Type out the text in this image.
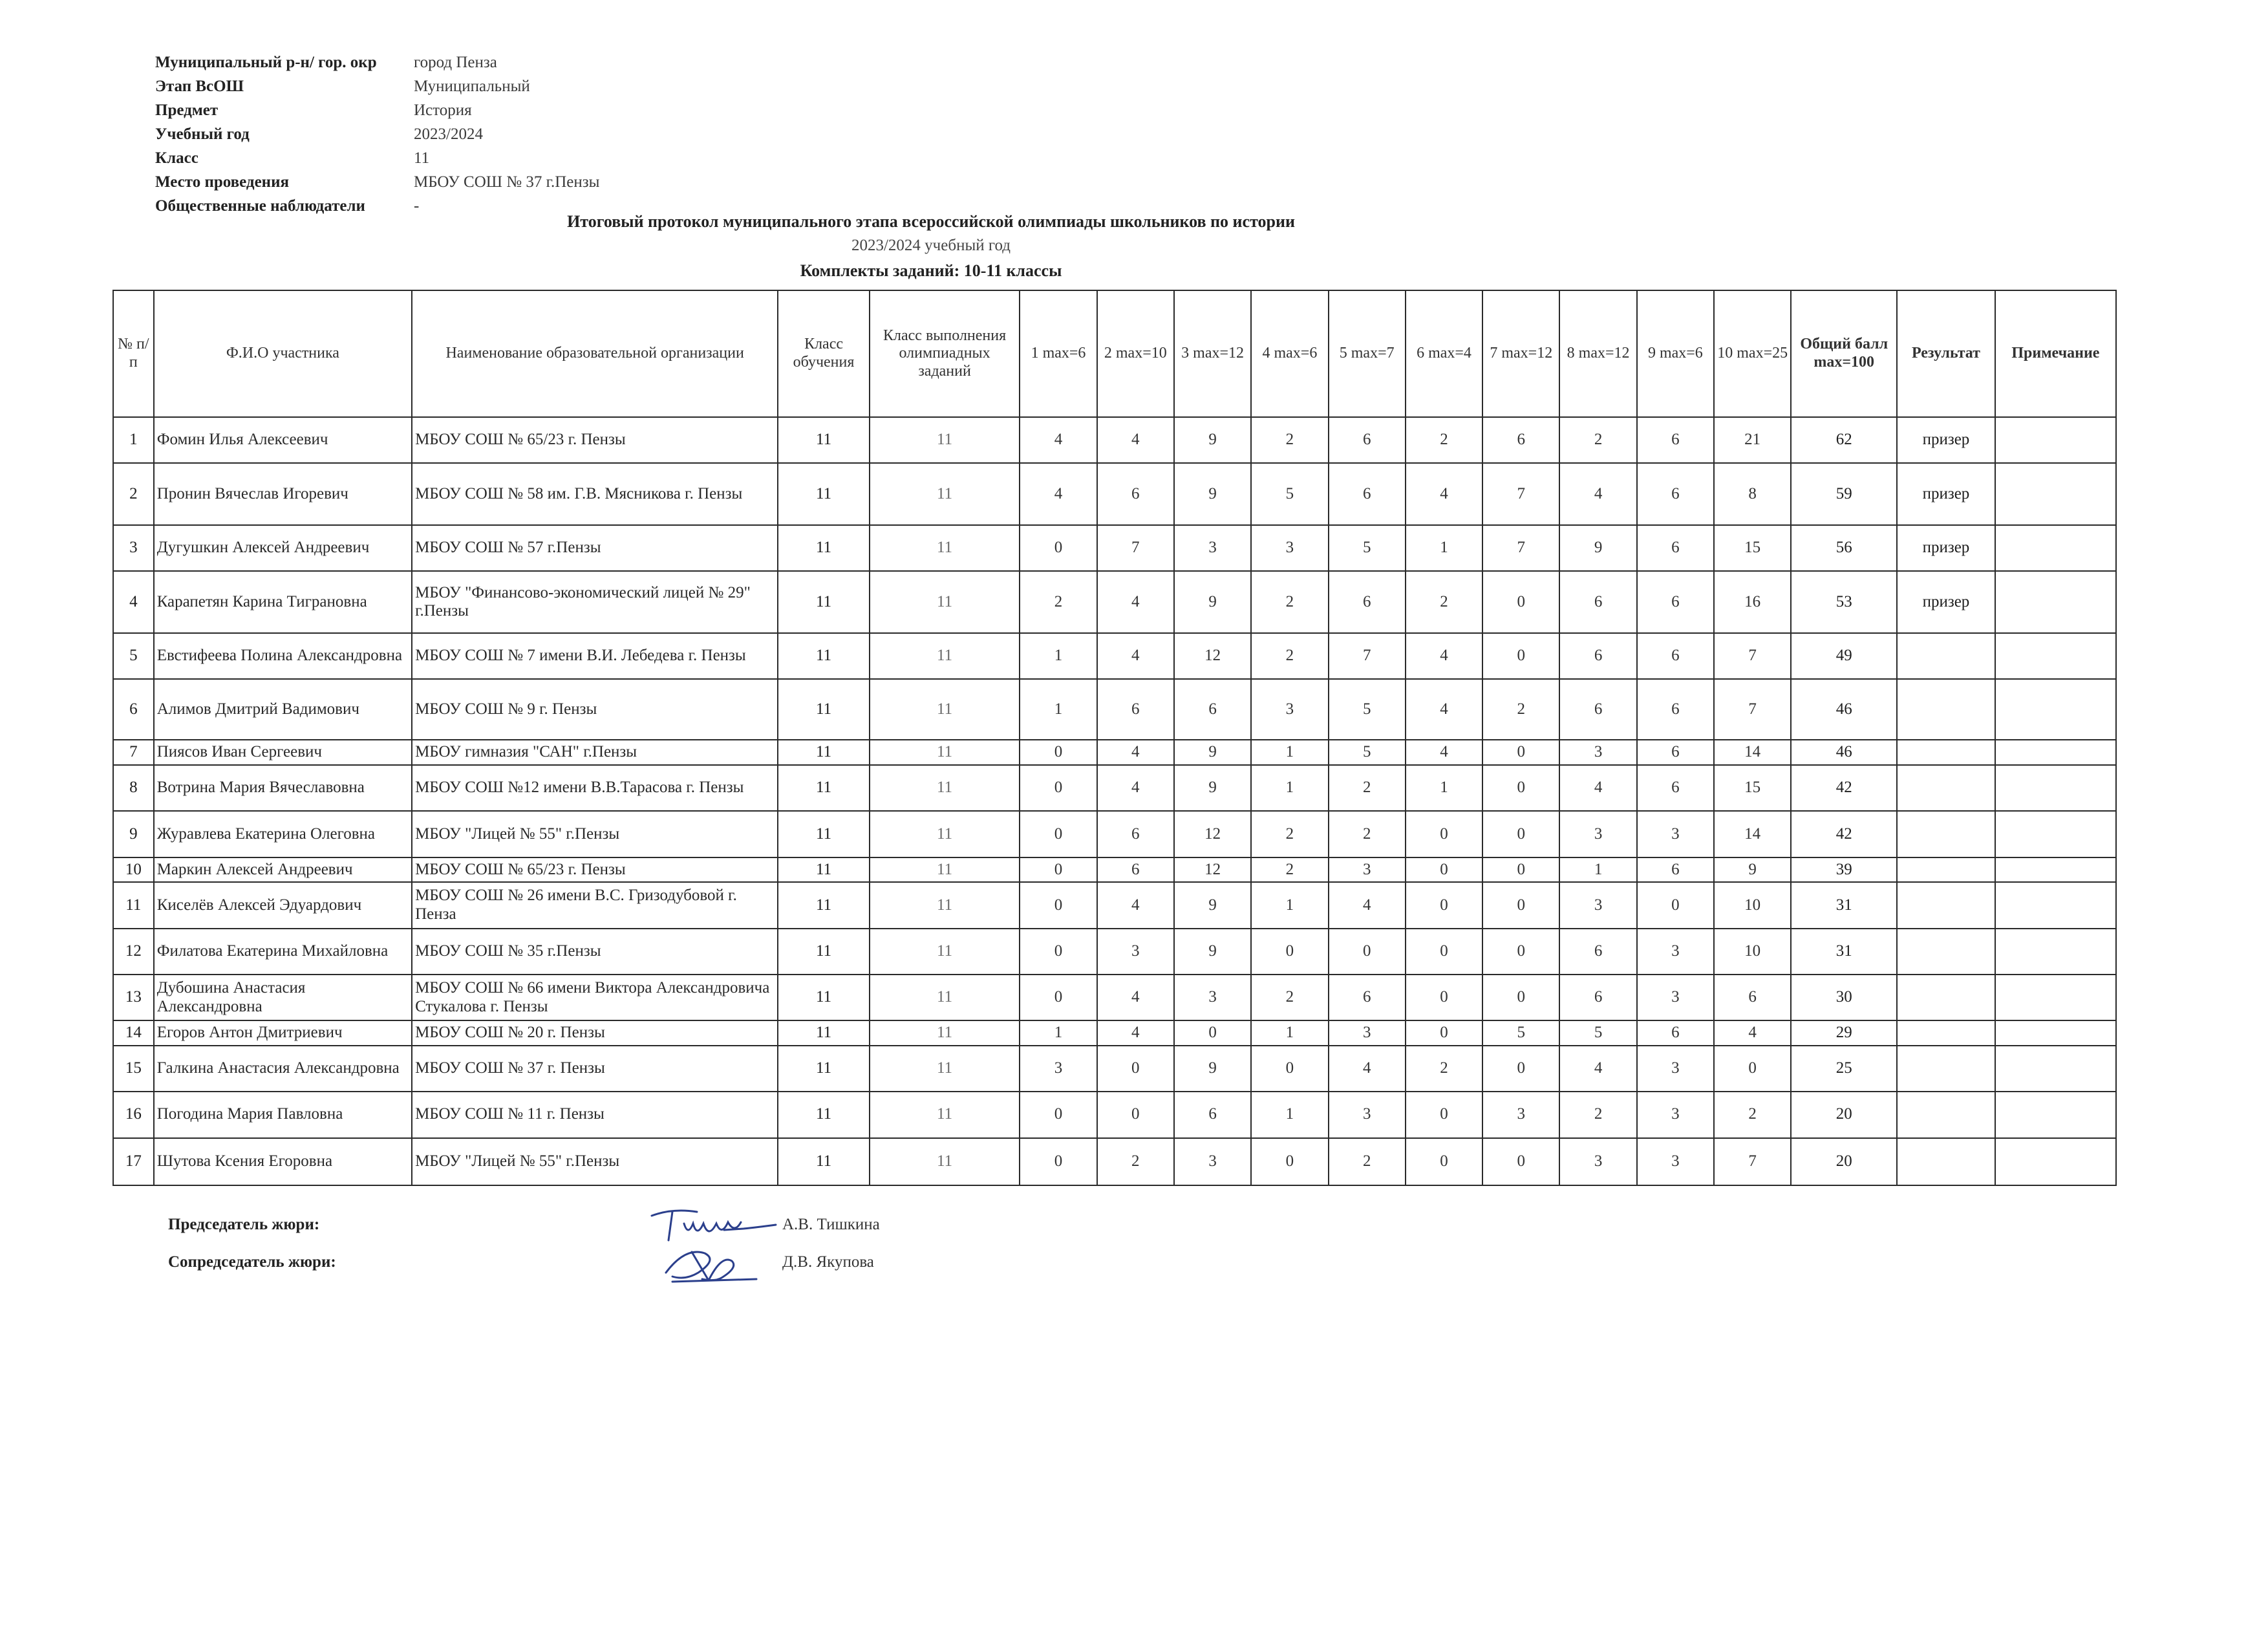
Муниципальный р-н/ гор. окр	город Пенза
Этап ВсОШ	Муниципальный
Предмет	История
Учебный год	2023/2024
Класс	11
Место проведения	МБОУ СОШ № 37 г.Пензы
Общественные наблюдатели	-
Итоговый протокол муниципального этапа всероссийской олимпиады школьников по истории
2023/2024 учебный год
Комплекты заданий: 10-11 классы
№ п/п	Ф.И.О участника	Наименование образовательной организации	Класс обучения	Класс выполнения олимпиадных заданий	1 max=6	2 max=10	3 max=12	4 max=6	5 max=7	6 max=4	7 max=12	8 max=12	9 max=6	10 max=25	Общий балл max=100	Результат	Примечание
1	Фомин Илья Алексеевич	МБОУ СОШ № 65/23 г. Пензы	11	11	4	4	9	2	6	2	6	2	6	21	62	призер	
2	Пронин Вячеслав Игоревич	МБОУ СОШ № 58 им. Г.В. Мясникова г. Пензы	11	11	4	6	9	5	6	4	7	4	6	8	59	призер	
3	Дугушкин Алексей Андреевич	МБОУ СОШ № 57 г.Пензы	11	11	0	7	3	3	5	1	7	9	6	15	56	призер	
4	Карапетян Карина Тиграновна	МБОУ "Финансово-экономический лицей № 29" г.Пензы	11	11	2	4	9	2	6	2	0	6	6	16	53	призер	
5	Евстифеева Полина Александровна	МБОУ СОШ № 7 имени В.И. Лебедева г. Пензы	11	11	1	4	12	2	7	4	0	6	6	7	49		
6	Алимов Дмитрий Вадимович	МБОУ СОШ № 9 г. Пензы	11	11	1	6	6	3	5	4	2	6	6	7	46		
7	Пиясов Иван Сергеевич	МБОУ гимназия "САН" г.Пензы	11	11	0	4	9	1	5	4	0	3	6	14	46		
8	Вотрина Мария Вячеславовна	МБОУ СОШ №12 имени В.В.Тарасова г. Пензы	11	11	0	4	9	1	2	1	0	4	6	15	42		
9	Журавлева Екатерина Олеговна	МБОУ "Лицей № 55" г.Пензы	11	11	0	6	12	2	2	0	0	3	3	14	42		
10	Маркин Алексей Андреевич	МБОУ СОШ № 65/23 г. Пензы	11	11	0	6	12	2	3	0	0	1	6	9	39		
11	Киселёв Алексей Эдуардович	МБОУ СОШ № 26 имени В.С. Гризодубовой г. Пенза	11	11	0	4	9	1	4	0	0	3	0	10	31		
12	Филатова Екатерина Михайловна	МБОУ СОШ № 35 г.Пензы	11	11	0	3	9	0	0	0	0	6	3	10	31		
13	Дубошина Анастасия Александровна	МБОУ СОШ № 66 имени Виктора Александровича Стукалова г. Пензы	11	11	0	4	3	2	6	0	0	6	3	6	30		
14	Егоров Антон Дмитриевич	МБОУ СОШ № 20 г. Пензы	11	11	1	4	0	1	3	0	5	5	6	4	29		
15	Галкина Анастасия Александровна	МБОУ СОШ № 37 г. Пензы	11	11	3	0	9	0	4	2	0	4	3	0	25		
16	Погодина Мария Павловна	МБОУ СОШ № 11 г. Пензы	11	11	0	0	6	1	3	0	3	2	3	2	20		
17	Шутова Ксения Егоровна	МБОУ "Лицей № 55" г.Пензы	11	11	0	2	3	0	2	0	0	3	3	7	20		
Председатель жюри:	А.В. Тишкина
Сопредседатель жюри:	Д.В. Якупова
